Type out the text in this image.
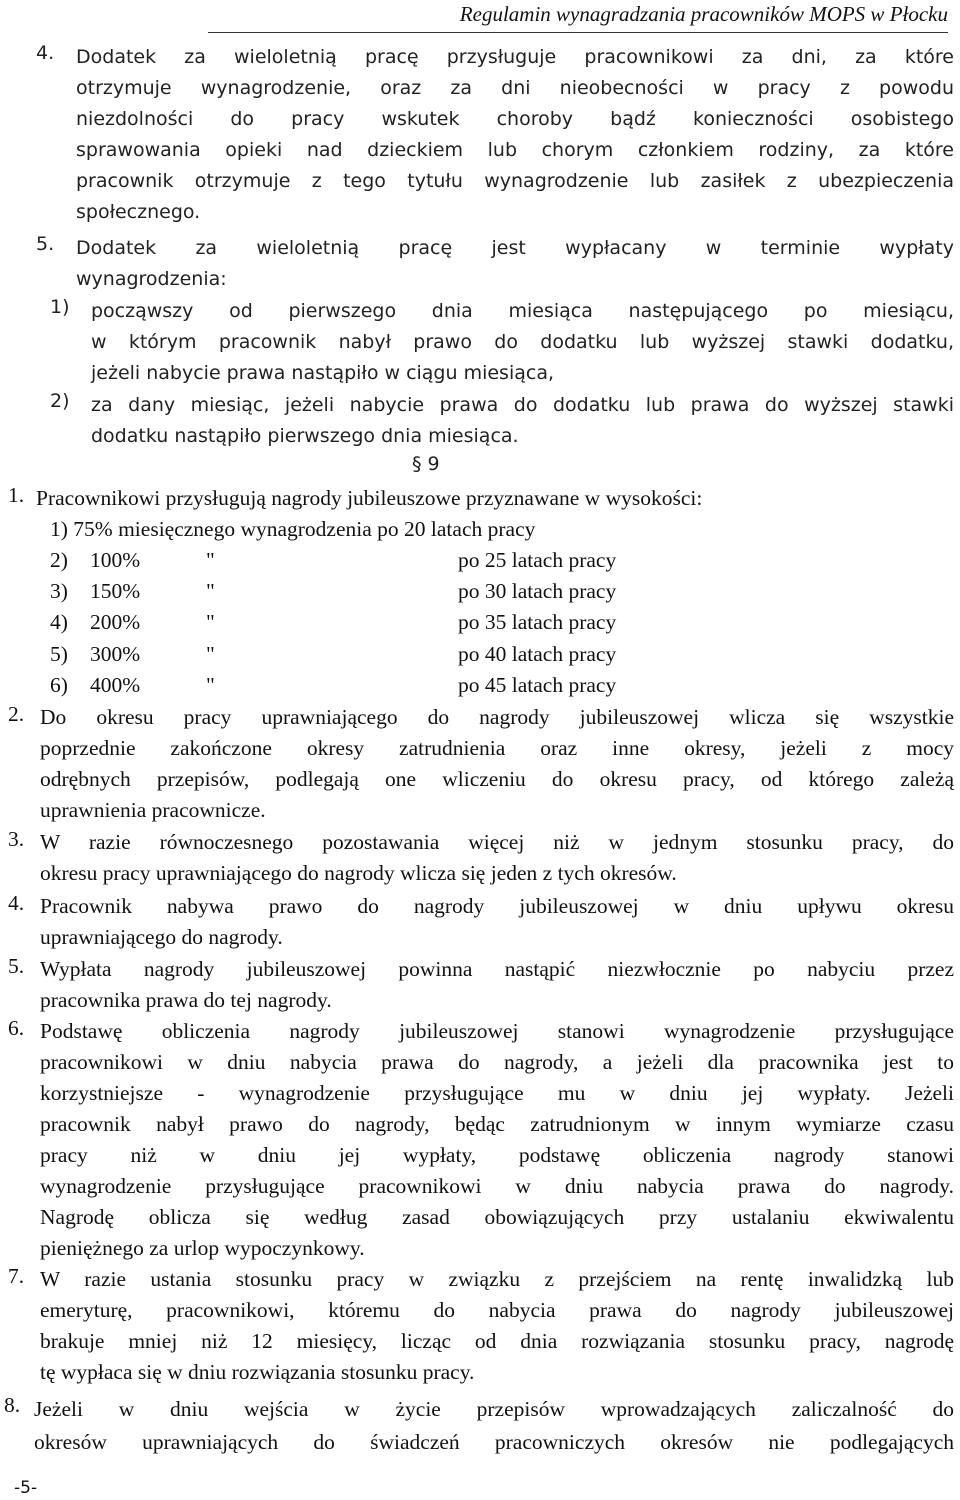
Regulamin wynagradzania pracowników MOPS w Płocku
4. Dodatek za wieloletnią pracę przysługuje pracownikowi za dni, za które
otrzymuje wynagrodzenie, oraz za dni nieobecności w pracy z powodu
niezdolności do pracy wskutek choroby bądź konieczności osobistego
sprawowania opieki nad dzieckiem lub chorym członkiem rodziny, za które
pracownik otrzymuje z tego tytułu wynagrodzenie lub zasiłek z ubezpieczenia
społecznego.
5. Dodatek za wieloletnią pracę jest wypłacany w terminie wypłaty
wynagrodzenia:
1) począwszy od pierwszego dnia miesiąca następującego po miesiącu,
w którym pracownik nabył prawo do dodatku lub wyższej stawki dodatku,
jeżeli nabycie prawa nastąpiło w ciągu miesiąca,
2) za dany miesiąc, jeżeli nabycie prawa do dodatku lub prawa do wyższej stawki
dodatku nastąpiło pierwszego dnia miesiąca.
§ 9
1. Pracownikowi przysługują nagrody jubileuszowe przyznawane w wysokości:
1) 75% miesięcznego wynagrodzenia po 20 latach pracy
2) 100%	"	po 25 latach pracy
3) 150%	"	po 30 latach pracy
4) 200%	"	po 35 latach pracy
5) 300%	"	po 40 latach pracy
6) 400%	"	po 45 latach pracy
2. Do okresu pracy uprawniającego do nagrody jubileuszowej wlicza się wszystkie
poprzednie zakończone okresy zatrudnienia oraz inne okresy, jeżeli z mocy
odrębnych przepisów, podlegają one wliczeniu do okresu pracy, od którego zależą
uprawnienia pracownicze.
3. W razie równoczesnego pozostawania więcej niż w jednym stosunku pracy, do
okresu pracy uprawniającego do nagrody wlicza się jeden z tych okresów.
4. Pracownik nabywa prawo do nagrody jubileuszowej w dniu upływu okresu
uprawniającego do nagrody.
5. Wypłata nagrody jubileuszowej powinna nastąpić niezwłocznie po nabyciu przez
pracownika prawa do tej nagrody.
6. Podstawę obliczenia nagrody jubileuszowej stanowi wynagrodzenie przysługujące
pracownikowi w dniu nabycia prawa do nagrody, a jeżeli dla pracownika jest to
korzystniejsze - wynagrodzenie przysługujące mu w dniu jej wypłaty. Jeżeli
pracownik nabył prawo do nagrody, będąc zatrudnionym w innym wymiarze czasu
pracy niż w dniu jej wypłaty, podstawę obliczenia nagrody stanowi
wynagrodzenie przysługujące pracownikowi w dniu nabycia prawa do nagrody.
Nagrodę oblicza się według zasad obowiązujących przy ustalaniu ekwiwalentu
pieniężnego za urlop wypoczynkowy.
7. W razie ustania stosunku pracy w związku z przejściem na rentę inwalidzką lub
emeryturę, pracownikowi, któremu do nabycia prawa do nagrody jubileuszowej
brakuje mniej niż 12 miesięcy, licząc od dnia rozwiązania stosunku pracy, nagrodę
tę wypłaca się w dniu rozwiązania stosunku pracy.
8. Jeżeli w dniu wejścia w życie przepisów wprowadzających zaliczalność do
okresów uprawniających do świadczeń pracowniczych okresów nie podlegających
-5-
